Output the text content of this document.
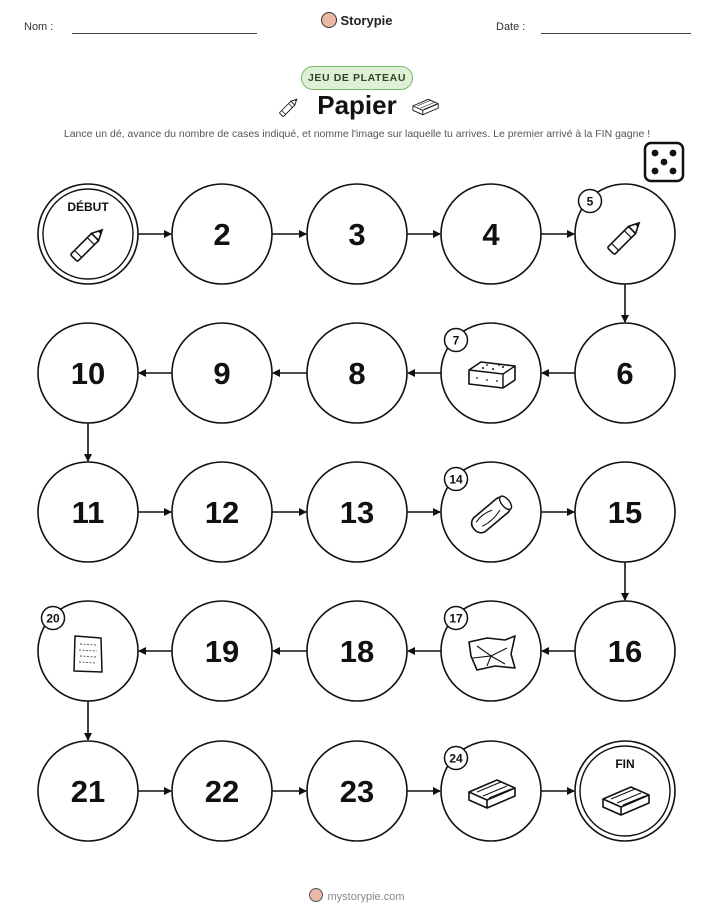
Nom :	Storypie	Date :
JEU DE PLATEAU
Papier
Lance un dé, avance du nombre de cases indiqué, et nomme l'image sur laquelle tu arrives. Le premier arrivé à la FIN gagne !
mystorypie.com
DÉBUT
2	3	4
5
6
7
8
9
10
11	12	13
14
15
16
17
18
19
20
21	22	23
24	FIN
